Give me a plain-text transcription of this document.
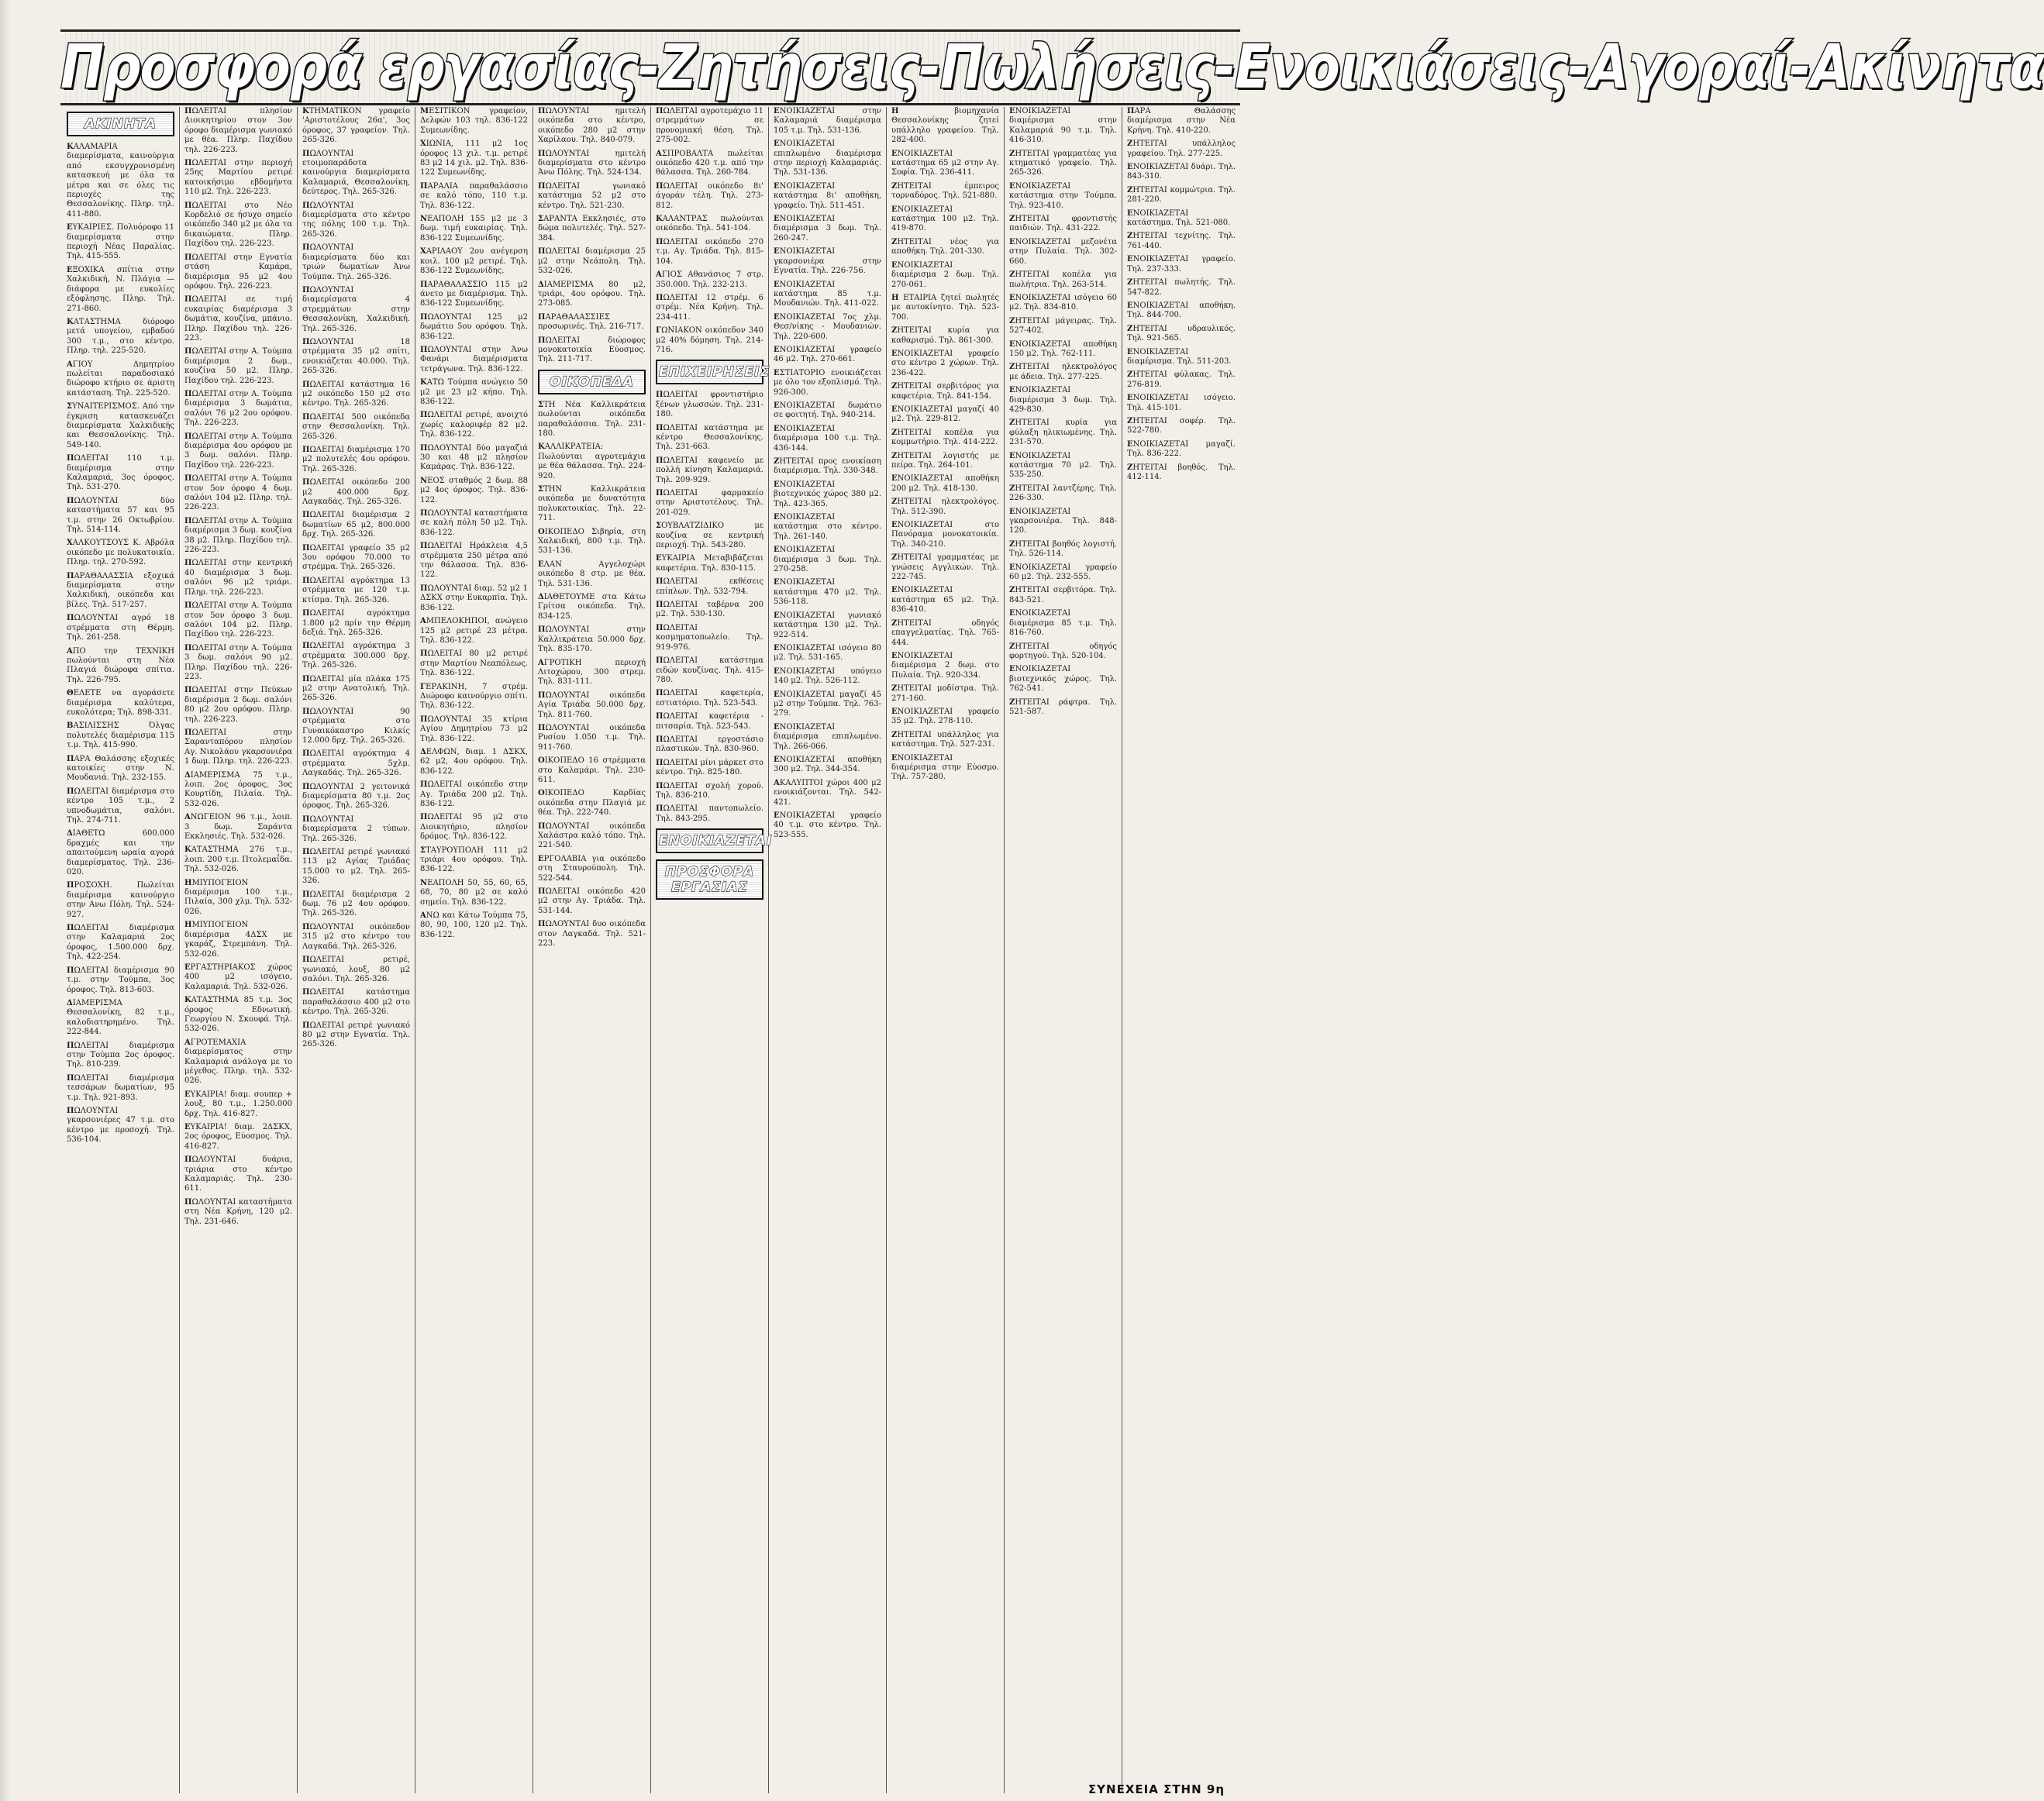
Προσφορά εργασίας-Ζητήσεις-Πωλήσεις-Ενοικιάσεις-Αγοραί-Ακίνητα
ΑΚΙΝΗΤΑ

ΚΑΛΑΜΑΡΙΑ διαμερίσματα, καινούργια από εκσυγχρονισμένη κατασκευή με όλα τα μέτρα και σε όλες τις περιοχές της Θεσσαλονίκης. Πληρ. τηλ. 411-880.

ΕΥΚΑΙΡΙΕΣ. Πολυόροφο 11 διαμερίσματα στην περιοχή Νέας Παραλίας. Τηλ. 415-555.

ΕΞΟΧΙΚΑ σπίτια στην Χαλκιδική, Ν. Πλάγια — διάφορα με ευκολίες εξόφλησης. Πληρ. Τηλ. 271-860.

ΚΑΤΑΣΤΗΜΑ διόροφο μετά υπογείου, εμβαδού 300 τ.μ., στο κέντρο. Πληρ. τηλ. 225-520.

ΑΓΙΟΥ Δημητρίου πωλείται παραδοσιακό διώροφο κτήριο σε άριστη κατάσταση. Τηλ. 225-520.

ΣΥΝΑΙΤΕΡΙΣΜΟΣ. Από την έγκριση κατασκευάζει διαμερίσματα Χαλκιδικής και Θεσσαλονίκης. Τηλ. 549-140.

ΠΩΛΕΙΤΑΙ 110 τ.μ. διαμέρισμα στην Καλαμαριά, 3ος όροφος. Τηλ. 531-270.

ΠΩΛΟΥΝΤΑΙ δύο καταστήματα 57 και 95 τ.μ. στην 26 Οκτωβρίου. Τηλ. 514-114.

ΧΑΛΚΟΥΤΣΟΥΣ Κ. Αβρόλα οικόπεδο με πολυκατοικία. Πληρ. τηλ. 270-592.

ΠΑΡΑΘΑΛΑΣΣΙΑ εξοχικά διαμερίσματα στην Χαλκιδική, οικόπεδα και βίλες. Τηλ. 517-257.

ΠΩΛΟΥΝΤΑΙ αγρό 18 στρέμματα στη Θέρμη. Τηλ. 261-258.

ΑΠΟ την ΤΕΧΝΙΚΗ πωλούνται στη Νέα Πλαγιά διώροφα σπίτια. Τηλ. 226-795.

ΘΕΛΕΤΕ να αγοράσετε διαμέρισμα καλύτερα, ευκολότερα; Τηλ. 898-331.

ΒΑΣΙΛΙΣΣΗΣ Όλγας πολυτελές διαμέρισμα 115 τ.μ. Τηλ. 415-990.

ΠΑΡΑ Θαλάσσης εξοχικές κατοικίες στην Ν. Μουδανιά. Τηλ. 232-155.

ΠΩΛΕΙΤΑΙ διαμέρισμα στο κέντρο 105 τ.μ., 2 υπνοδωμάτια, σαλόνι. Τηλ. 274-711.

ΔΙΑΘΕΤΩ 600.000 δραχμές και την απαιτούμενη ωραία αγορά διαμερίσματος. Τηλ. 236-020.

ΠΡΟΣΟΧΗ. Πωλείται διαμέρισμα καινούργιο στην Ανω Πόλη. Τηλ. 524-927.

ΠΩΛΕΙΤΑΙ διαμέρισμα στην Καλαμαριά 2ος όροφος, 1.500.000 δρχ. Τηλ. 422-254.

ΠΩΛΕΙΤΑΙ διαμέρισμα 90 τ.μ. στην Τούμπα, 3ος όροφος. Τηλ. 813-603.

ΔΙΑΜΕΡΙΣΜΑ Θεσσαλονίκη, 82 τ.μ., καλοδιατηρημένο. Τηλ. 222-844.

ΠΩΛΕΙΤΑΙ διαμέρισμα στην Τούμπα 2ος όροφος. Τηλ. 810-239.

ΠΩΛΕΙΤΑΙ διαμέρισμα τεσσάρων δωματίων, 95 τ.μ. Τηλ. 921-893.

ΠΩΛΟΥΝΤΑΙ γκαρσονιέρες 47 τ.μ. στο κέντρο με προσοχή. Τηλ. 536-104.

ΠΩΛΕΙΤΑΙ πλησίον Διοικητηρίου στον 3ον όροφο διαμέρισμα γωνιακό με θέα. Πληρ. Παχίδου τηλ. 226-223.

ΠΩΛΕΙΤΑΙ στην περιοχή 25ης Μαρτίου ρετιρέ κατοικήσιμο εβδομήντα 110 μ2. Τηλ. 226-223.

ΠΩΛΕΙΤΑΙ στο Νέο Κορδελιό σε ήσυχο σημείο οικόπεδο 340 μ2 με όλα τα δικαιώματα. Πληρ. Παχίδου τηλ. 226-223.

ΠΩΛΕΙΤΑΙ στην Εγνατία στάση Καμάρα, διαμέρισμα 95 μ2 4ου ορόφου. Τηλ. 226-223.

ΠΩΛΕΙΤΑΙ σε τιμή ευκαιρίας διαμέρισμα 3 δωμάτια, κουζίνα, μπάνιο. Πληρ. Παχίδου τηλ. 226-223.

ΠΩΛΕΙΤΑΙ στην Α. Τούμπα διαμέρισμα 2 δωμ., κουζίνα 50 μ2. Πληρ. Παχίδου τηλ. 226-223.

ΠΩΛΕΙΤΑΙ στην Α. Τούμπα διαμέρισμα 3 δωμάτια, σαλόνι 76 μ2 2ου ορόφου. Τηλ. 226-223.

ΠΩΛΕΙΤΑΙ στην Α. Τούμπα διαμέρισμα 4ου ορόφου με 3 δωμ. σαλόνι. Πληρ. Παχίδου τηλ. 226-223.

ΠΩΛΕΙΤΑΙ στην Α. Τούμπα στον 5ον όροφο 4 δωμ. σαλόνι 104 μ2. Πληρ. τηλ. 226-223.

ΠΩΛΕΙΤΑΙ στην Α. Τούμπα διαμέρισμα 3 δωμ. κουζίνα 38 μ2. Πληρ. Παχίδου τηλ. 226-223.

ΠΩΛΕΙΤΑΙ στην κεντρική 40 διαμέρισμα 3 δωμ. σαλόνι 96 μ2 τριάρι. Πληρ. τηλ. 226-223.

ΠΩΛΕΙΤΑΙ στην Α. Τούμπα στον 5ον όροφο 3 δωμ. σαλόνι 104 μ2. Πληρ. Παχίδου τηλ. 226-223.

ΠΩΛΕΙΤΑΙ στην Α. Τούμπα 3 δωμ. σαλόνι 90 μ2. Πληρ. Παχίδου τηλ. 226-223.

ΠΩΛΕΙΤΑΙ στην Πεύκων διαμέρισμα 2 δωμ. σαλόνι 80 μ2 2ου ορόφου. Πληρ. τηλ. 226-223.

ΠΩΛΕΙΤΑΙ στην Σαρανταπόρου πλησίον Αγ. Νικολάου γκαρσονιέρα 1 δωμ. Πληρ. τηλ. 226-223.

ΔΙΑΜΕΡΙΣΜΑ 75 τ.μ., λοιπ. 2ος όροφος, 3ος Κουρτίδη, Πιλαία. Τηλ. 532-026.

ΑΝΩΓΕΙΟΝ 96 τ.μ., λοιπ. 3 δωμ. Σαράντα Εκκλησιές. Τηλ. 532-026.

ΚΑΤΑΣΤΗΜΑ 276 τ.μ., λοιπ. 200 τ.μ. Πτολεμαΐδα. Τηλ. 532-026.

ΗΜΙΥΠΟΓΕΙΟΝ διαμέρισμα 100 τ.μ., Πιλαία, 300 χλμ. Τηλ. 532-026.

ΗΜΙΥΠΟΓΕΙΟΝ διαμέρισμα 4ΔΣΧ με γκαράζ, Στρεμπάνη. Τηλ. 532-026.

ΕΡΓΑΣΤΗΡΙΑΚΟΣ χώρος 400 μ2 ισόγειο, Καλαμαριά. Τηλ. 532-026.

ΚΑΤΑΣΤΗΜΑ 85 τ.μ. 3ος όροφος Εδνωτική. Γεωργίου Ν. Σκουφά. Τηλ. 532-026.

ΑΓΡΟΤΕΜΑΧΙΑ διαμερίσματος στην Καλαμαριά ανάλογα με το μέγεθος. Πληρ. τηλ. 532-026.

ΕΥΚΑΙΡΙΑ! διαμ. σουπερ + λουξ, 80 τ.μ., 1.250.000 δρχ. Τηλ. 416-827.

ΕΥΚΑΙΡΙΑ! διαμ. 2ΔΣΚΧ, 2ος όροφος, Εύοσμος. Τηλ. 416-827.

ΠΩΛΟΥΝΤΑΙ δυάρια, τριάρια στο κέντρο Καλαμαριάς. Τηλ. 230-611.

ΠΩΛΟΥΝΤΑΙ καταστήματα στη Νέα Κρήνη, 120 μ2. Τηλ. 231-646.

ΚΤΗΜΑΤΙΚΟΝ γραφείο 'Αριστοτέλους 26α', 3ος όροφος, 37 γραφείον. Τηλ. 265-326.

ΠΩΛΟΥΝΤΑΙ ετοιμοπαράδοτα καινούργια διαμερίσματα Καλαμαριά, Θεσσαλονίκη, δεύτερος. Τηλ. 265-326.

ΠΩΛΟΥΝΤΑΙ διαμερίσματα στο κέντρο της πόλης 100 τ.μ. Τηλ. 265-326.

ΠΩΛΟΥΝΤΑΙ διαμερίσματα δύο και τριών δωματίων Άνω Τούμπα. Τηλ. 265-326.

ΠΩΛΟΥΝΤΑΙ διαμερίσματα 4 στρεμμάτων στην Θεσσαλονίκη, Χαλκιδική. Τηλ. 265-326.

ΠΩΛΟΥΝΤΑΙ 18 στρέμματα 35 μ2 σπίτι, ενοικιάζεται 40.000. Τηλ. 265-326.

ΠΩΛΕΙΤΑΙ κατάστημα 16 μ2 οικόπεδο 150 μ2 στο κέντρο. Τηλ. 265-326.

ΠΩΛΕΙΤΑΙ 500 οικόπεδα στην Θεσσαλονίκη. Τηλ. 265-326.

ΠΩΛΕΙΤΑΙ διαμέρισμα 170 μ2 πολυτελές 4ου ορόφου. Τηλ. 265-326.

ΠΩΛΕΙΤΑΙ οικόπεδο 200 μ2 400.000 δρχ. Λαγκαδάς. Τηλ. 265-326.

ΠΩΛΕΙΤΑΙ διαμέρισμα 2 δωματίων 65 μ2, 800.000 δρχ. Τηλ. 265-326.

ΠΩΛΕΙΤΑΙ γραφείο 35 μ2 3ου ορόφου 70.000 το στρέμμα. Τηλ. 265-326.

ΠΩΛΕΙΤΑΙ αγρόκτημα 13 στρέμματα με 120 τ.μ. κτίσμα. Τηλ. 265-326.

ΠΩΛΕΙΤΑΙ αγρόκτημα 1.800 μ2 πρίν την Θέρμη δεξιά. Τηλ. 265-326.

ΠΩΛΕΙΤΑΙ αγρόκτημα 3 στρέμματα 300.000 δρχ. Τηλ. 265-326.

ΠΩΛΕΙΤΑΙ μία πλάκα 175 μ2 στην Ανατολική. Τηλ. 265-326.

ΠΩΛΟΥΝΤΑΙ 90 στρέμματα στο Γυναικόκαστρο Κιλκίς 12.000 δρχ. Τηλ. 265-326.

ΠΩΛΕΙΤΑΙ αγρόκτημα 4 στρέμματα 5χλμ. Λαγκαδάς. Τηλ. 265-326.

ΠΩΛΟΥΝΤΑΙ 2 γειτονικά διαμερίσματα 80 τ.μ. 2ος όροφος. Τηλ. 265-326.

ΠΩΛΟΥΝΤΑΙ διαμερίσματα 2 τύπων. Τηλ. 265-326.

ΠΩΛΕΙΤΑΙ ρετιρέ γωνιακό 113 μ2 Αγίας Τριάδας 15.000 το μ2. Τηλ. 265-326.

ΠΩΛΕΙΤΑΙ διαμέρισμα 2 δωμ. 76 μ2 4ου ορόφου. Τηλ. 265-326.

ΠΩΛΟΥΝΤΑΙ οικόπεδον 315 μ2 στο κέντρο του Λαγκαδά. Τηλ. 265-326.

ΠΩΛΕΙΤΑΙ ρετιρέ, γωνιακό, λουξ, 80 μ2 σαλόνι. Τηλ. 265-326.

ΠΩΛΕΙΤΑΙ κατάστημα παραθαλάσσιο 400 μ2 στο κέντρο. Τηλ. 265-326.

ΠΩΛΕΙΤΑΙ ρετιρέ γωνιακό 80 μ2 στην Εγνατία. Τηλ. 265-326.

ΜΕΣΙΤΙΚΟΝ γραφείον, Δελφών 103 τηλ. 836-122 Συμεωνίδης.

ΧΙΩΝΙΑ, 111 μ2 1ος όροφος 13 χιλ. τ.μ. ρετιρέ 83 μ2 14 χιλ. μ2. Τηλ. 836-122 Συμεωνίδης.

ΠΑΡΑΛΙΑ παραθαλάσσιο σε καλό τόπο, 110 τ.μ. Τηλ. 836-122.

ΝΕΑΠΟΛΗ 155 μ2 με 3 δωμ. τιμή ευκαιρίας. Τηλ. 836-122 Συμεωνίδης.

ΧΑΡΙΛΑΟΥ 2ου ανέγερση κοιλ. 100 μ2 ρετιρέ. Τηλ. 836-122 Συμεωνίδης.

ΠΑΡΑΘΑΛΑΣΣΙΟ 115 μ2 άνετο με διαμέρισμα. Τηλ. 836-122 Συμεωνίδης.

ΠΩΛΟΥΝΤΑΙ 125 μ2 δωμάτιο 5ου ορόφου. Τηλ. 836-122.

ΠΩΛΟΥΝΤΑΙ στην Άνω Φανάρι διαμέρισματα τετράγωνα. Τηλ. 836-122.

ΚΑΤΩ Τούμπα ανώγειο 50 μ2 με 23 μ2 κήπο. Τηλ. 836-122.

ΠΩΛΕΙΤΑΙ ρετιρέ, ανοιχτό χωρίς καλοριφέρ 82 μ2. Τηλ. 836-122.

ΠΩΛΟΥΝΤΑΙ δύο μαγαζιά 30 και 48 μ2 πλησίον Καμάρας. Τηλ. 836-122.

ΝΕΟΣ σταθμός 2 δωμ. 88 μ2 4ος όροφος. Τηλ. 836-122.

ΠΩΛΟΥΝΤΑΙ καταστήματα σε καλή πόλη 50 μ2. Τηλ. 836-122.

ΠΩΛΕΙΤΑΙ Ηράκλεια 4,5 στρέμματα 250 μέτρα από την θάλασσα. Τηλ. 836-122.

ΠΩΛΟΥΝΤΑΙ διαμ. 52 μ2 1 ΔΣΚΧ στην Ευκαρπία. Τηλ. 836-122.

ΑΜΠΕΛΟΚΗΠΟΙ, ανώγειο 125 μ2 ρετιρέ 23 μέτρα. Τηλ. 836-122.

ΠΩΛΕΙΤΑΙ 80 μ2 ρετιρέ στην Μαρτίου Νεαπόλεως. Τηλ. 836-122.

ΓΕΡΑΚΙΝΗ, 7 στρέμ. Διώροφο καινούργιο σπίτι. Τηλ. 836-122.

ΠΩΛΟΥΝΤΑΙ 35 κτίρια Αγίου Δημητρίου 73 μ2 Τηλ. 836-122.

ΔΕΛΦΩΝ, διαμ. 1 ΔΣΚΧ, 62 μ2, 4ου ορόφου. Τηλ. 836-122.

ΠΩΛΕΙΤΑΙ οικόπεδο στην Αγ. Τριάδα 200 μ2. Τηλ. 836-122.

ΠΩΛΕΙΤΑΙ 95 μ2 στο Διοικητήριο, πλησίον δρόμος. Τηλ. 836-122.

ΣΤΑΥΡΟΥΠΟΛΗ 111 μ2 τριάρι 4ου ορόφου. Τηλ. 836-122.

ΝΕΑΠΟΛΗ 50, 55, 60, 65, 68, 70, 80 μ2 σε καλό σημείο. Τηλ. 836-122.

ΑΝΩ και Κάτω Τούμπα 75, 80, 90, 100, 120 μ2. Τηλ. 836-122.

ΠΩΛΟΥΝΤΑΙ ημιτελή οικόπεδα στο κέντρο, οικόπεδο 280 μ2 στην Χαρίλαου. Τηλ. 840-079.

ΠΩΛΟΥΝΤΑΙ ημιτελή διαμερίσματα στο κέντρο Άνω Πόλης. Τηλ. 524-134.

ΠΩΛΕΙΤΑΙ γωνιακό κατάστημα 52 μ2 στο κέντρο. Τηλ. 521-230.

ΣΑΡΑΝΤΑ Εκκλησιές, στο δώμα πολυτελές. Τηλ. 527-384.

ΠΩΛΕΙΤΑΙ διαμέρισμα 25 μ2 στην Νεάπολη. Τηλ. 532-026.

ΔΙΑΜΕΡΙΣΜΑ 80 μ2, τριάρι, 4ου ορόφου. Τηλ. 273-085.

ΠΑΡΑΘΑΛΑΣΣΙΕΣ προσωρινές. Τηλ. 216-717.

ΠΩΛΕΙΤΑΙ διώροφος μονοκατοικία Εύοσμος. Τηλ. 211-717.

ΟΙΚΟΠΕΔΑ

ΣΤΗ Νέα Καλλικράτεια πωλούνται οικόπεδα παραθαλάσσια. Τηλ. 231-180.

ΚΑΛΛΙΚΡΑΤΕΙΑ: Πωλούνται αγροτεμάχια με θέα θάλασσα. Τηλ. 224-920.

ΣΤΗΝ Καλλικράτεια οικόπεδα με δυνατότητα πολυκατοικίας. Τηλ. 22-711.

ΟΙΚΟΠΕΔΟ Σιβηρία, στη Χαλκιδική, 800 τ.μ. Τηλ. 531-136.

ΕΛΑΝ Αγγελοχώρι οικόπεδο 8 στρ. με θέα. Τηλ. 531-136.

ΔΙΑΘΕΤΟΥΜΕ στα Κάτω Γρίτσα οικόπεδα. Τηλ. 834-125.

ΠΩΛΟΥΝΤΑΙ στην Καλλικράτεια 50.000 δρχ. Τηλ. 835-170.

ΑΓΡΟΤΙΚΗ περιοχή Λιτοχώρου, 300 στρεμ. Τηλ. 831-111.

ΠΩΛΟΥΝΤΑΙ οικόπεδα Αγία Τριάδα 50.000 δρχ. Τηλ. 811-760.

ΠΩΛΟΥΝΤΑΙ οικόπεδα Ρυσίου 1.050 τ.μ. Τηλ. 911-760.

ΟΙΚΟΠΕΔΟ 16 στρέμματα στο Καλαμάρι. Τηλ. 230-611.

ΟΙΚΟΠΕΔΟ Καρδίας οικόπεδα στην Πλαγιά με θέα. Τηλ. 222-740.

ΠΩΛΟΥΝΤΑΙ οικόπεδα Χαλάστρα καλό τόπο. Τηλ. 221-540.

ΕΡΓΟΛΑΒΙΑ για οικόπεδο στη Σταυρούπολη. Τηλ. 522-544.

ΠΩΛΕΙΤΑΙ οικόπεδο 420 μ2 στην Αγ. Τριάδα. Τηλ. 531-144.

ΠΩΛΟΥΝΤΑΙ δυο οικόπεδα στον Λαγκαδά. Τηλ. 521-223.

ΠΩΛΕΙΤΑΙ αγροτεμάχιο 11 στρεμμάτων σε προνομιακή θέση. Τηλ. 275-002.

ΑΣΠΡΟΒΑΛΤΑ πωλείται οικόπεδο 420 τ.μ. από την θάλασσα. Τηλ. 260-784.

ΠΩΛΕΙΤΑΙ οικόπεδο 8ι' άγοράν τέλη. Τηλ. 273-812.

ΚΑΛΑΝΤΡΑΣ πωλούνται οικόπεδο. Τηλ. 541-104.

ΠΩΛΕΙΤΑΙ οικόπεδο 270 τ.μ. Αγ. Τριάδα. Τηλ. 815-104.

ΑΓΙΟΣ Αθανάσιος 7 στρ. 350.000. Τηλ. 232-213.

ΠΩΛΕΙΤΑΙ 12 στρέμ. 6 στρέμ. Νέα Κρήνη. Τηλ. 234-411.

ΓΩΝΙΑΚΟΝ οικόπεδον 340 μ2 40% δόμηση. Τηλ. 214-716.

ΕΠΙΧΕΙΡΗΣΕΙΣ

ΠΩΛΕΙΤΑΙ φροντιστήριο ξένων γλωσσών. Τηλ. 231-180.

ΠΩΛΕΙΤΑΙ κατάστημα με κέντρο Θεσσαλονίκης. Τηλ. 231-663.

ΠΩΛΕΙΤΑΙ καφενείο με πολλή κίνηση Καλαμαριά. Τηλ. 209-929.

ΠΩΛΕΙΤΑΙ φαρμακείο στην Αριστοτέλους. Τηλ. 201-029.

ΣΟΥΒΛΑΤΖΙΔΙΚΟ με κουζίνα σε κεντρική περιοχή. Τηλ. 543-280.

ΕΥΚΑΙΡΙΑ Μεταβιβάζεται καφετέρια. Τηλ. 830-115.

ΠΩΛΕΙΤΑΙ εκθέσεις επίπλων. Τηλ. 532-794.

ΠΩΛΕΙΤΑΙ ταβέρνα 200 μ2. Τηλ. 530-130.

ΠΩΛΕΙΤΑΙ κοσμηματοπωλείο. Τηλ. 919-976.

ΠΩΛΕΙΤΑΙ κατάστημα ειδών κουζίνας. Τηλ. 415-780.

ΠΩΛΕΙΤΑΙ καφετερία, εστιατόριο. Τηλ. 523-543.

ΠΩΛΕΙΤΑΙ καφετέρια - πιτσαρία. Τηλ. 523-543.

ΠΩΛΕΙΤΑΙ εργοστάσιο πλαστικών. Τηλ. 830-960.

ΠΩΛΕΙΤΑΙ μίνι μάρκετ στο κέντρο. Τηλ. 825-180.

ΠΩΛΕΙΤΑΙ σχολή χορού. Τηλ. 836-210.

ΠΩΛΕΙΤΑΙ παντοπωλείο. Τηλ. 843-295.

ΕΝΟΙΚΙΑΖΕΤΑΙ
ΠΡΟΣΦΟΡΑ ΕΡΓΑΣΙΑΣ

ΕΝΟΙΚΙΑΖΕΤΑΙ στην Καλαμαριά διαμέρισμα 105 τ.μ. Τηλ. 531-136.

ΕΝΟΙΚΙΑΖΕΤΑΙ επιπλωμένο διαμέρισμα στην περιοχή Καλαμαριάς. Τηλ. 531-136.

ΕΝΟΙΚΙΑΖΕΤΑΙ κατάστημα 8ι' αποθήκη, γραφείο. Τηλ. 511-451.

ΕΝΟΙΚΙΑΖΕΤΑΙ διαμέρισμα 3 δωμ. Τηλ. 260-247.

ΕΝΟΙΚΙΑΖΕΤΑΙ γκαρσονιέρα στην Εγνατία. Τηλ. 226-756.

ΕΝΟΙΚΙΑΖΕΤΑΙ κατάστημα 85 τ.μ. Μουδανιών. Τηλ. 411-022.

ΕΝΟΙΚΙΑΖΕΤΑΙ 7ος χλμ. Θεσ/νίκης - Μουδανιών. Τηλ. 220-600.

ΕΝΟΙΚΙΑΖΕΤΑΙ γραφείο 46 μ2. Τηλ. 270-661.

ΕΣΤΙΑΤΟΡΙΟ ενοικιάζεται με όλο τον εξοπλισμό. Τηλ. 926-300.

ΕΝΟΙΚΙΑΖΕΤΑΙ δωμάτιο σε φοιτητή. Τηλ. 940-214.

ΕΝΟΙΚΙΑΖΕΤΑΙ διαμέρισμα 100 τ.μ. Τηλ. 436-144.

ΖΗΤΕΙΤΑΙ προς ενοικίαση διαμέρισμα. Τηλ. 330-348.

ΕΝΟΙΚΙΑΖΕΤΑΙ βιοτεχνικός χώρος 380 μ2. Τηλ. 423-365.

ΕΝΟΙΚΙΑΖΕΤΑΙ κατάστημα στο κέντρο. Τηλ. 261-140.

ΕΝΟΙΚΙΑΖΕΤΑΙ διαμέρισμα 3 δωμ. Τηλ. 270-258.

ΕΝΟΙΚΙΑΖΕΤΑΙ κατάστημα 470 μ2. Τηλ. 536-118.

ΕΝΟΙΚΙΑΖΕΤΑΙ γωνιακό κατάστημα 130 μ2. Τηλ. 922-514.

ΕΝΟΙΚΙΑΖΕΤΑΙ ισόγειο 80 μ2. Τηλ. 531-165.

ΕΝΟΙΚΙΑΖΕΤΑΙ υπόγειο 140 μ2. Τηλ. 526-112.

ΕΝΟΙΚΙΑΖΕΤΑΙ μαγαζί 45 μ2 στην Τούμπα. Τηλ. 763-279.

ΕΝΟΙΚΙΑΖΕΤΑΙ διαμέρισμα επιπλωμένο. Τηλ. 266-066.

ΕΝΟΙΚΙΑΖΕΤΑΙ αποθήκη 300 μ2. Τηλ. 344-354.

ΑΚΑΛΥΠΤΟΙ χώροι 400 μ2 ενοικιάζονται. Τηλ. 542-421.

ΕΝΟΙΚΙΑΖΕΤΑΙ γραφείο 40 τ.μ. στο κέντρο. Τηλ. 523-555.

Η βιομηχανία Θεσσαλονίκης ζητεί υπάλληλο γραφείου. Τηλ. 282-400.

ΕΝΟΙΚΙΑΖΕΤΑΙ κατάστημα 65 μ2 στην Αγ. Σοφία. Τηλ. 236-411.

ΖΗΤΕΙΤΑΙ έμπειρος τορναδόρος. Τηλ. 521-880.

ΕΝΟΙΚΙΑΖΕΤΑΙ κατάστημα 100 μ2. Τηλ. 419-870.

ΖΗΤΕΙΤΑΙ νέος για αποθήκη. Τηλ. 201-330.

ΕΝΟΙΚΙΑΖΕΤΑΙ διαμέρισμα 2 δωμ. Τηλ. 270-061.

Η ΕΤΑΙΡΙΑ ζητεί πωλητές με αυτοκίνητο. Τηλ. 523-700.

ΖΗΤΕΙΤΑΙ κυρία για καθαρισμό. Τηλ. 861-300.

ΕΝΟΙΚΙΑΖΕΤΑΙ γραφείο στο κέντρο 2 χώρων. Τηλ. 236-422.

ΖΗΤΕΙΤΑΙ σερβιτόρος για καφετέρια. Τηλ. 841-154.

ΕΝΟΙΚΙΑΖΕΤΑΙ μαγαζί 40 μ2. Τηλ. 229-812.

ΖΗΤΕΙΤΑΙ κοπέλα για κομμωτήριο. Τηλ. 414-222.

ΖΗΤΕΙΤΑΙ λογιστής με πείρα. Τηλ. 264-101.

ΕΝΟΙΚΙΑΖΕΤΑΙ αποθήκη 200 μ2. Τηλ. 418-130.

ΖΗΤΕΙΤΑΙ ηλεκτρολόγος. Τηλ. 512-390.

ΕΝΟΙΚΙΑΖΕΤΑΙ στο Πανόραμα μονοκατοικία. Τηλ. 340-210.

ΖΗΤΕΙΤΑΙ γραμματέας με γνώσεις Αγγλικών. Τηλ. 222-745.

ΕΝΟΙΚΙΑΖΕΤΑΙ κατάστημα 65 μ2. Τηλ. 836-410.

ΖΗΤΕΙΤΑΙ οδηγός επαγγελματίας. Τηλ. 765-444.

ΕΝΟΙΚΙΑΖΕΤΑΙ διαμέρισμα 2 δωμ. στο Πυλαία. Τηλ. 920-334.

ΖΗΤΕΙΤΑΙ μοδίστρα. Τηλ. 271-160.

ΕΝΟΙΚΙΑΖΕΤΑΙ γραφείο 35 μ2. Τηλ. 278-110.

ΖΗΤΕΙΤΑΙ υπάλληλος για κατάστημα. Τηλ. 527-231.

ΕΝΟΙΚΙΑΖΕΤΑΙ διαμέρισμα στην Εύοσμο. Τηλ. 757-280.

ΕΝΟΙΚΙΑΖΕΤΑΙ διαμέρισμα στην Καλαμαριά 90 τ.μ. Τηλ. 416-310.

ΖΗΤΕΙΤΑΙ γραμματέας για κτηματικό γραφείο. Τηλ. 265-326.

ΕΝΟΙΚΙΑΖΕΤΑΙ κατάστημα στην Τούμπα. Τηλ. 923-410.

ΖΗΤΕΙΤΑΙ φροντιστής παιδιών. Τηλ. 431-222.

ΕΝΟΙΚΙΑΖΕΤΑΙ μεζονέτα στην Πυλαία. Τηλ. 302-660.

ΖΗΤΕΙΤΑΙ κοπέλα για πωλήτρια. Τηλ. 263-514.

ΕΝΟΙΚΙΑΖΕΤΑΙ ισόγειο 60 μ2. Τηλ. 834-810.

ΖΗΤΕΙΤΑΙ μάγειρας. Τηλ. 527-402.

ΕΝΟΙΚΙΑΖΕΤΑΙ αποθήκη 150 μ2. Τηλ. 762-111.

ΖΗΤΕΙΤΑΙ ηλεκτρολόγος με άδεια. Τηλ. 277-225.

ΕΝΟΙΚΙΑΖΕΤΑΙ διαμέρισμα 3 δωμ. Τηλ. 429-830.

ΖΗΤΕΙΤΑΙ κυρία για φύλαξη ηλικιωμένης. Τηλ. 231-570.

ΕΝΟΙΚΙΑΖΕΤΑΙ κατάστημα 70 μ2. Τηλ. 535-250.

ΖΗΤΕΙΤΑΙ λαντζέρης. Τηλ. 226-330.

ΕΝΟΙΚΙΑΖΕΤΑΙ γκαρσονιέρα. Τηλ. 848-120.

ΖΗΤΕΙΤΑΙ βοηθός λογιστή. Τηλ. 526-114.

ΕΝΟΙΚΙΑΖΕΤΑΙ γραφείο 60 μ2. Τηλ. 232-555.

ΖΗΤΕΙΤΑΙ σερβιτόρα. Τηλ. 843-521.

ΕΝΟΙΚΙΑΖΕΤΑΙ διαμέρισμα 85 τ.μ. Τηλ. 816-760.

ΖΗΤΕΙΤΑΙ οδηγός φορτηγού. Τηλ. 520-104.

ΕΝΟΙΚΙΑΖΕΤΑΙ βιοτεχνικός χώρος. Τηλ. 762-541.

ΖΗΤΕΙΤΑΙ ράφτρα. Τηλ. 521-587.

ΠΑΡΑ Θαλάσσης διαμέρισμα στην Νέα Κρήνη. Τηλ. 410-220.

ΖΗΤΕΙΤΑΙ υπάλληλος γραφείου. Τηλ. 277-225.

ΕΝΟΙΚΙΑΖΕΤΑΙ δυάρι. Τηλ. 843-310.

ΖΗΤΕΙΤΑΙ κομμώτρια. Τηλ. 281-220.

ΕΝΟΙΚΙΑΖΕΤΑΙ κατάστημα. Τηλ. 521-080.

ΖΗΤΕΙΤΑΙ τεχνίτης. Τηλ. 761-440.

ΕΝΟΙΚΙΑΖΕΤΑΙ γραφείο. Τηλ. 237-333.

ΖΗΤΕΙΤΑΙ πωλητής. Τηλ. 547-822.

ΕΝΟΙΚΙΑΖΕΤΑΙ αποθήκη. Τηλ. 844-700.

ΖΗΤΕΙΤΑΙ υδραυλικός. Τηλ. 921-565.

ΕΝΟΙΚΙΑΖΕΤΑΙ διαμέρισμα. Τηλ. 511-203.

ΖΗΤΕΙΤΑΙ φύλακας. Τηλ. 276-819.

ΕΝΟΙΚΙΑΖΕΤΑΙ ισόγειο. Τηλ. 415-101.

ΖΗΤΕΙΤΑΙ σοφέρ. Τηλ. 522-780.

ΕΝΟΙΚΙΑΖΕΤΑΙ μαγαζί. Τηλ. 836-222.

ΖΗΤΕΙΤΑΙ βοηθός. Τηλ. 412-114.

ΣΥΝΕΧΕΙΑ ΣΤΗΝ 9η
